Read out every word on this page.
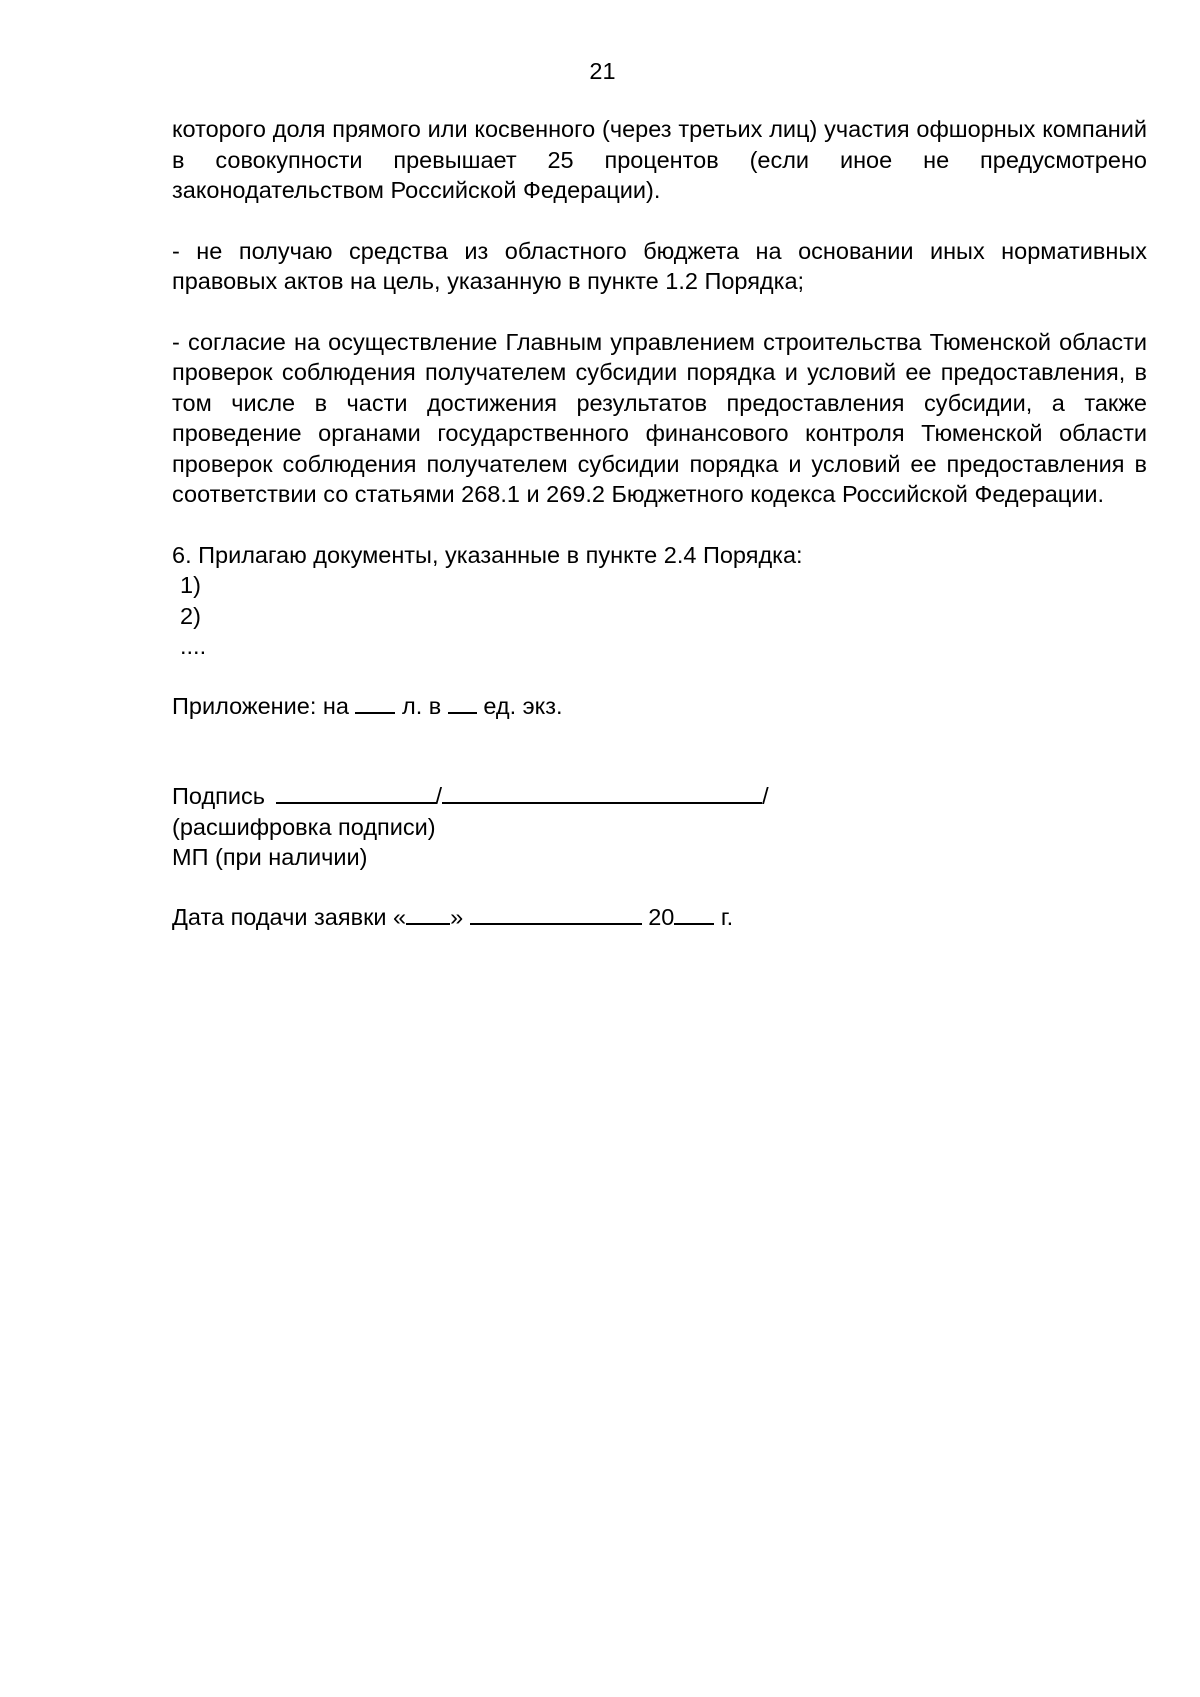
21

которого доля прямого или косвенного (через третьих лиц) участия офшорных компаний в совокупности превышает 25 процентов (если иное не предусмотрено законодательством Российской Федерации).

- не получаю средства из областного бюджета на основании иных нормативных правовых актов на цель, указанную в пункте 1.2 Порядка;

- согласие на осуществление Главным управлением строительства Тюменской области проверок соблюдения получателем субсидии порядка и условий ее предоставления, в том числе в части достижения результатов предоставления субсидии, а также проведение органами государственного финансового контроля Тюменской области проверок соблюдения получателем субсидии порядка и условий ее предоставления в соответствии со статьями 268.1 и 269.2 Бюджетного кодекса Российской Федерации.

6. Прилагаю документы, указанные в пункте 2.4 Порядка:

1)

2)

....

Приложение: на л. в ед. экз.

Подпись	/	/

(расшифровка подписи)

МП (при наличии)

Дата подачи заявки « »	20 г.
